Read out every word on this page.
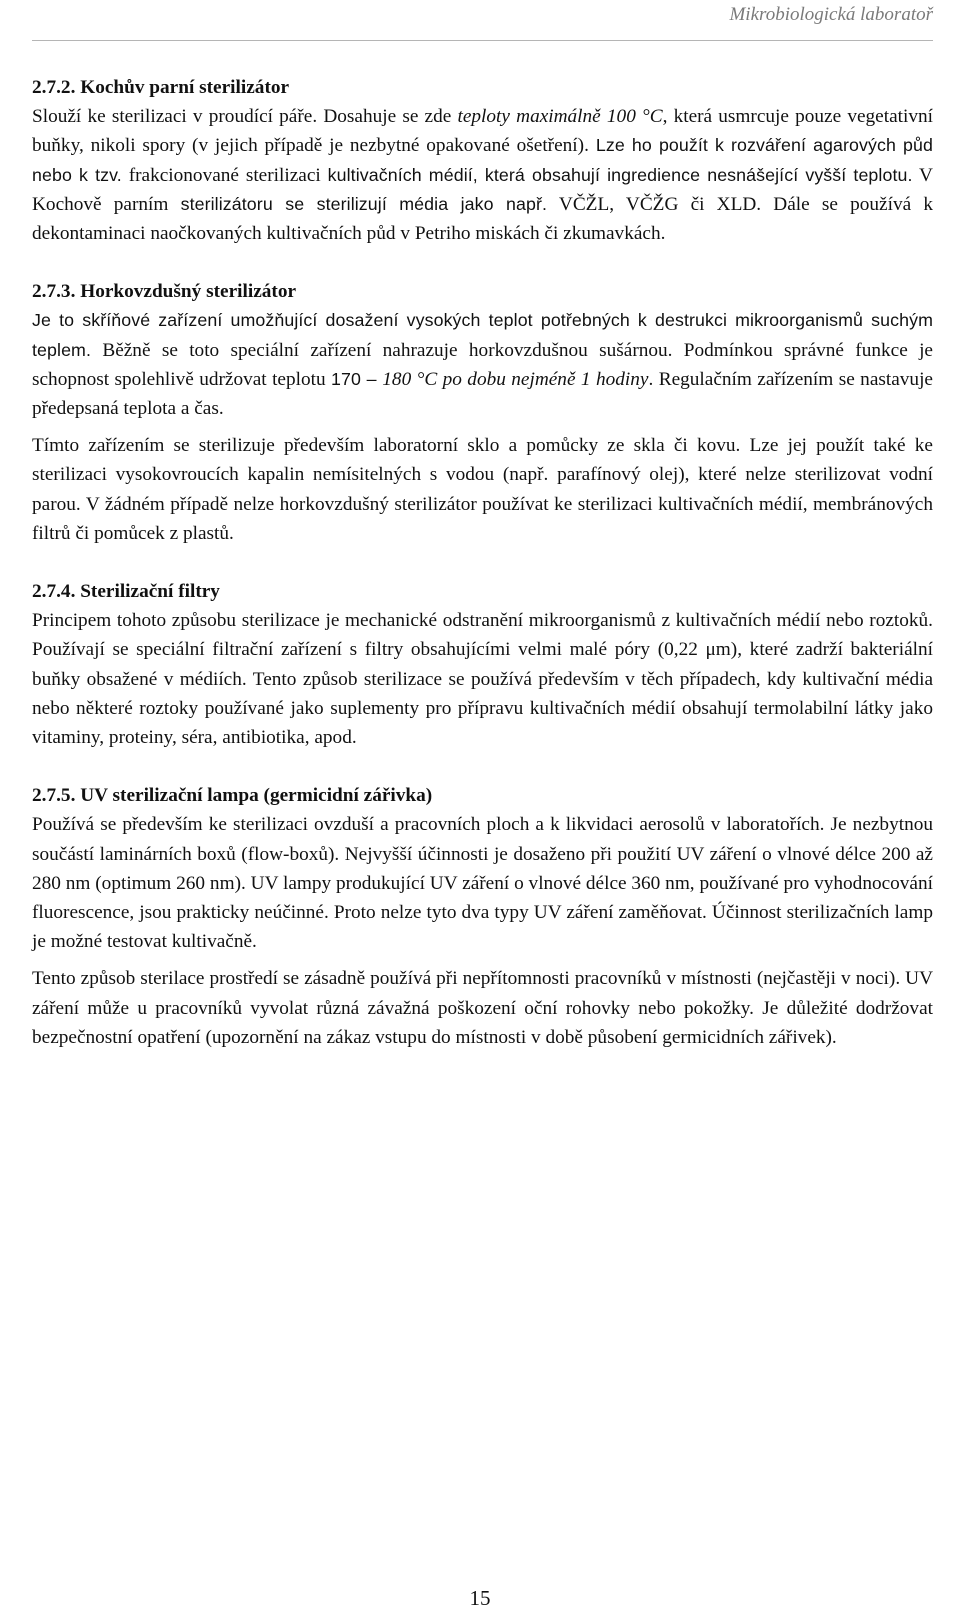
Mikrobiologická laboratoř
2.7.2. Kochův parní sterilizátor

Slouží ke sterilizaci v proudící páře. Dosahuje se zde teploty maximálně 100 °C, která usmrcuje pouze vegetativní buňky, nikoli spory (v jejich případě je nezbytné opakované ošetření). Lze ho použít k rozváření agarových půd nebo k tzv. frakcionované sterilizaci kultivačních médií, která obsahují ingredience nesnášející vyšší teplotu. V Kochově parním sterilizátoru se sterilizují média jako např. VČŽL, VČŽG či XLD. Dále se používá k dekontaminaci naočkovaných kultivačních půd v Petriho miskách či zkumavkách.

2.7.3. Horkovzdušný sterilizátor

Je to skříňové zařízení umožňující dosažení vysokých teplot potřebných k destrukci mikroorganismů suchým teplem. Běžně se toto speciální zařízení nahrazuje horkovzdušnou sušárnou. Podmínkou správné funkce je schopnost spolehlivě udržovat teplotu 170 – 180 °C po dobu nejméně 1 hodiny. Regulačním zařízením se nastavuje předepsaná teplota a čas.

Tímto zařízením se sterilizuje především laboratorní sklo a pomůcky ze skla či kovu. Lze jej použít také ke sterilizaci vysokovroucích kapalin nemísitelných s vodou (např. parafínový olej), které nelze sterilizovat vodní parou. V žádném případě nelze horkovzdušný sterilizátor používat ke sterilizaci kultivačních médií, membránových filtrů či pomůcek z plastů.

2.7.4. Sterilizační filtry

Principem tohoto způsobu sterilizace je mechanické odstranění mikroorganismů z kultivačních médií nebo roztoků. Používají se speciální filtrační zařízení s filtry obsahujícími velmi malé póry (0,22 μm), které zadrží bakteriální buňky obsažené v médiích. Tento způsob sterilizace se používá především v těch případech, kdy kultivační média nebo některé roztoky používané jako suplementy pro přípravu kultivačních médií obsahují termolabilní látky jako vitaminy, proteiny, séra, antibiotika, apod.

2.7.5. UV sterilizační lampa (germicidní zářivka)

Používá se především ke sterilizaci ovzduší a pracovních ploch a k likvidaci aerosolů v laboratořích. Je nezbytnou součástí laminárních boxů (flow-boxů). Nejvyšší účinnosti je dosaženo při použití UV záření o vlnové délce 200 až 280 nm (optimum 260 nm). UV lampy produkující UV záření o vlnové délce 360 nm, používané pro vyhodnocování fluorescence, jsou prakticky neúčinné. Proto nelze tyto dva typy UV záření zaměňovat. Účinnost sterilizačních lamp je možné testovat kultivačně.

Tento způsob sterilace prostředí se zásadně používá při nepřítomnosti pracovníků v místnosti (nejčastěji v noci). UV záření může u pracovníků vyvolat různá závažná poškození oční rohovky nebo pokožky. Je důležité dodržovat bezpečnostní opatření (upozornění na zákaz vstupu do místnosti v době působení germicidních zářivek).

15
